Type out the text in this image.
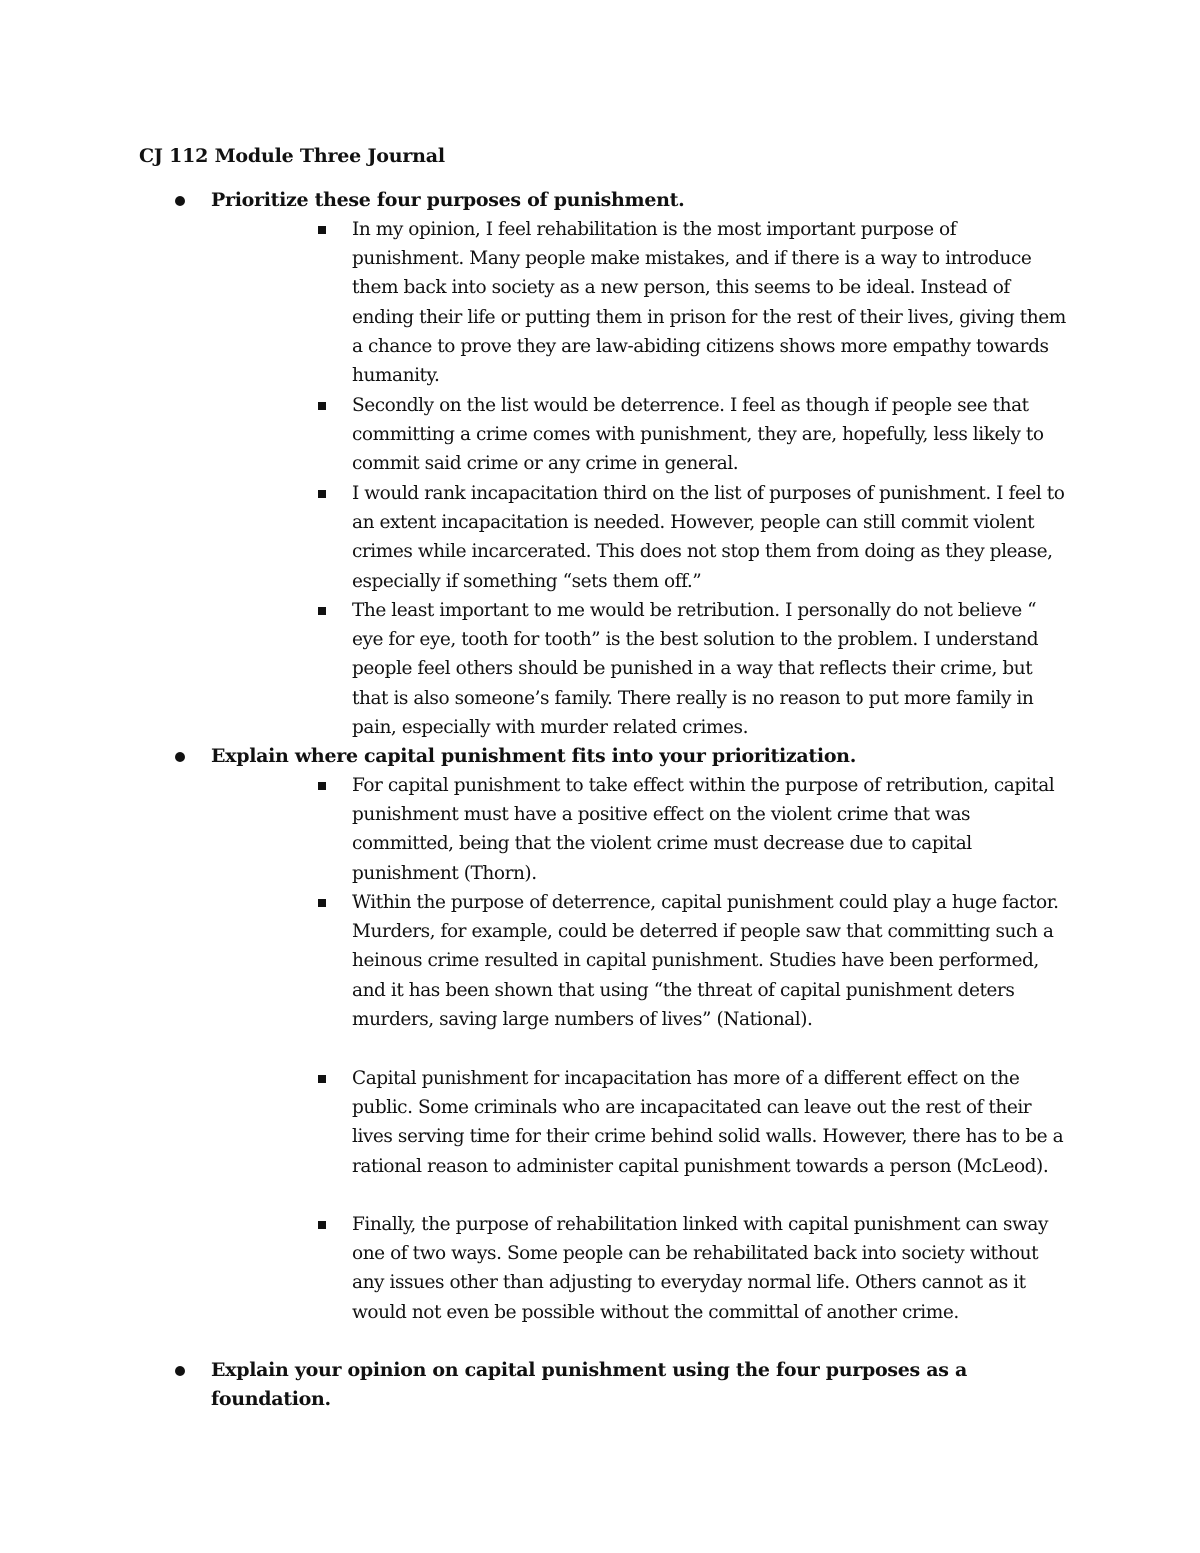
CJ 112 Module Three Journal

Prioritize these four purposes of punishment.

In my opinion, I feel rehabilitation is the most important purpose of punishment. Many people make mistakes, and if there is a way to introduce them back into society as a new person, this seems to be ideal. Instead of ending their life or putting them in prison for the rest of their lives, giving them a chance to prove they are law-abiding citizens shows more empathy towards humanity.

Secondly on the list would be deterrence. I feel as though if people see that committing a crime comes with punishment, they are, hopefully, less likely to commit said crime or any crime in general.

I would rank incapacitation third on the list of purposes of punishment. I feel to an extent incapacitation is needed. However, people can still commit violent crimes while incarcerated. This does not stop them from doing as they please, especially if something “sets them off.”

The least important to me would be retribution. I personally do not believe “ eye for eye, tooth for tooth” is the best solution to the problem. I understand people feel others should be punished in a way that reflects their crime, but that is also someone’s family. There really is no reason to put more family in pain, especially with murder related crimes.

Explain where capital punishment fits into your prioritization.

For capital punishment to take effect within the purpose of retribution, capital punishment must have a positive effect on the violent crime that was committed, being that the violent crime must decrease due to capital punishment (Thorn).

Within the purpose of deterrence, capital punishment could play a huge factor. Murders, for example, could be deterred if people saw that committing such a heinous crime resulted in capital punishment. Studies have been performed, and it has been shown that using “the threat of capital punishment deters murders, saving large numbers of lives” (National).

Capital punishment for incapacitation has more of a different effect on the public. Some criminals who are incapacitated can leave out the rest of their lives serving time for their crime behind solid walls. However, there has to be a rational reason to administer capital punishment towards a person (McLeod).

Finally, the purpose of rehabilitation linked with capital punishment can sway one of two ways. Some people can be rehabilitated back into society without any issues other than adjusting to everyday normal life. Others cannot as it would not even be possible without the committal of another crime.

Explain your opinion on capital punishment using the four purposes as a foundation.
